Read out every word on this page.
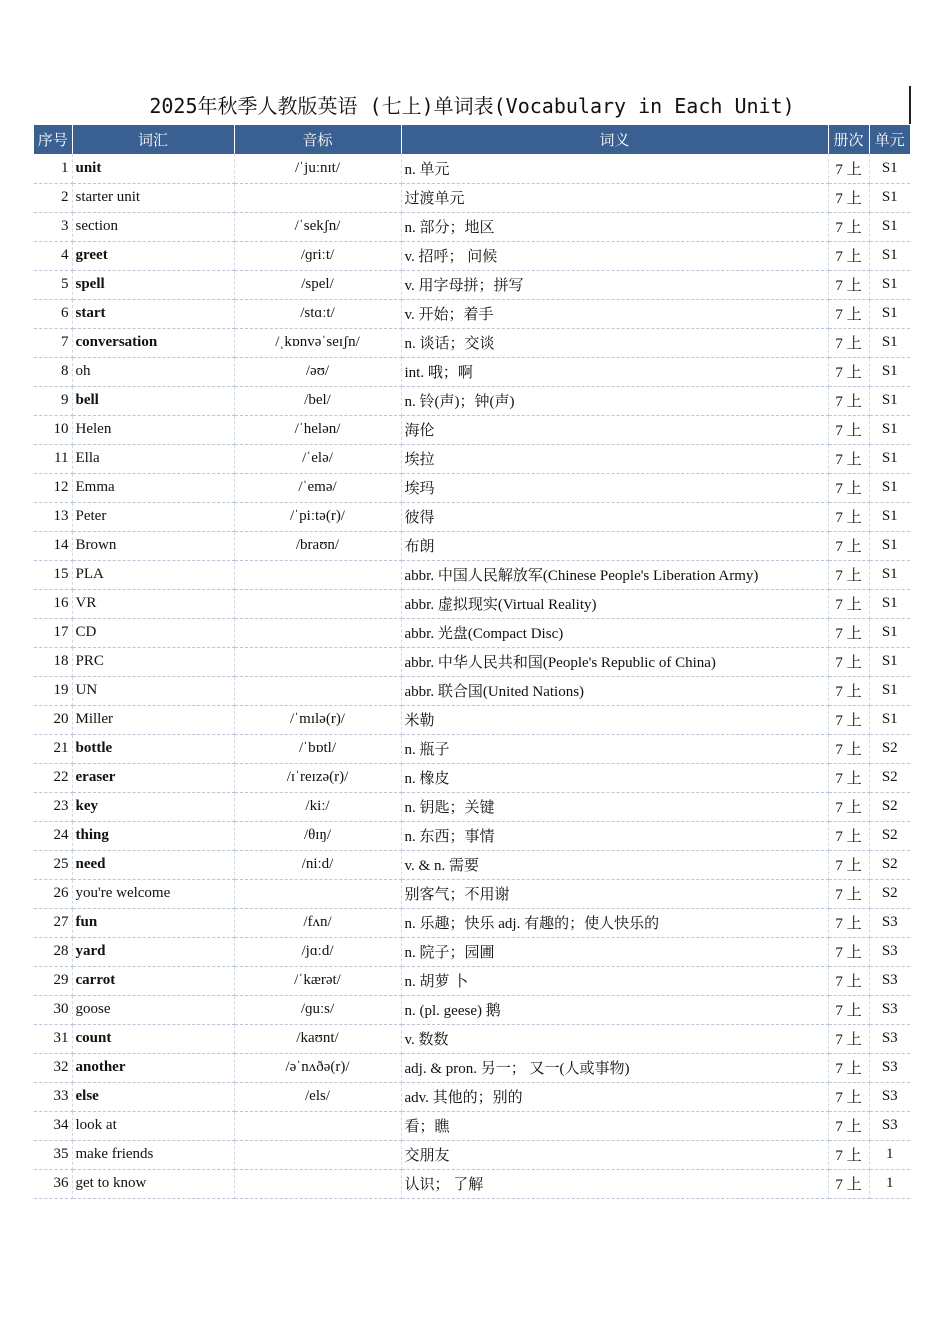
2025年秋季人教版英语 (七上)单词表(Vocabulary in Each Unit)
序号	词汇	音标	词义	册次	单元
1	unit	/ˈjuːnɪt/	n. 单元	7 上	S1
2	starter unit		过渡单元	7 上	S1
3	section	/ˈsekʃn/	n. 部分；地区	7 上	S1
4	greet	/ɡriːt/	v. 招呼； 问候	7 上	S1
5	spell	/spel/	v. 用字母拼；拼写	7 上	S1
6	start	/stɑːt/	v. 开始；着手	7 上	S1
7	conversation	/ˌkɒnvəˈseɪʃn/	n. 谈话；交谈	7 上	S1
8	oh	/əʊ/	int. 哦；啊	7 上	S1
9	bell	/bel/	n. 铃(声)；钟(声)	7 上	S1
10	Helen	/ˈhelən/	海伦	7 上	S1
11	Ella	/ˈelə/	埃拉	7 上	S1
12	Emma	/ˈemə/	埃玛	7 上	S1
13	Peter	/ˈpiːtə(r)/	彼得	7 上	S1
14	Brown	/braʊn/	布朗	7 上	S1
15	PLA		abbr. 中国人民解放军(Chinese People's Liberation Army)	7 上	S1
16	VR		abbr. 虚拟现实(Virtual Reality)	7 上	S1
17	CD		abbr. 光盘(Compact Disc)	7 上	S1
18	PRC		abbr. 中华人民共和国(People's Republic of China)	7 上	S1
19	UN		abbr. 联合国(United Nations)	7 上	S1
20	Miller	/ˈmɪlə(r)/	米勒	7 上	S1
21	bottle	/ˈbɒtl/	n. 瓶子	7 上	S2
22	eraser	/ɪˈreɪzə(r)/	n. 橡皮	7 上	S2
23	key	/kiː/	n. 钥匙；关键	7 上	S2
24	thing	/θɪŋ/	n. 东西；事情	7 上	S2
25	need	/niːd/	v. & n. 需要	7 上	S2
26	you're welcome		别客气；不用谢	7 上	S2
27	fun	/fʌn/	n. 乐趣；快乐 adj. 有趣的；使人快乐的	7 上	S3
28	yard	/jɑːd/	n. 院子；园圃	7 上	S3
29	carrot	/ˈkærət/	n. 胡萝 卜	7 上	S3
30	goose	/ɡuːs/	n. (pl. geese) 鹅	7 上	S3
31	count	/kaʊnt/	v. 数数	7 上	S3
32	another	/əˈnʌðə(r)/	adj. & pron. 另一； 又一(人或事物)	7 上	S3
33	else	/els/	adv. 其他的；别的	7 上	S3
34	look at		看；瞧	7 上	S3
35	make friends		交朋友	7 上	1
36	get to know		认识； 了解	7 上	1
